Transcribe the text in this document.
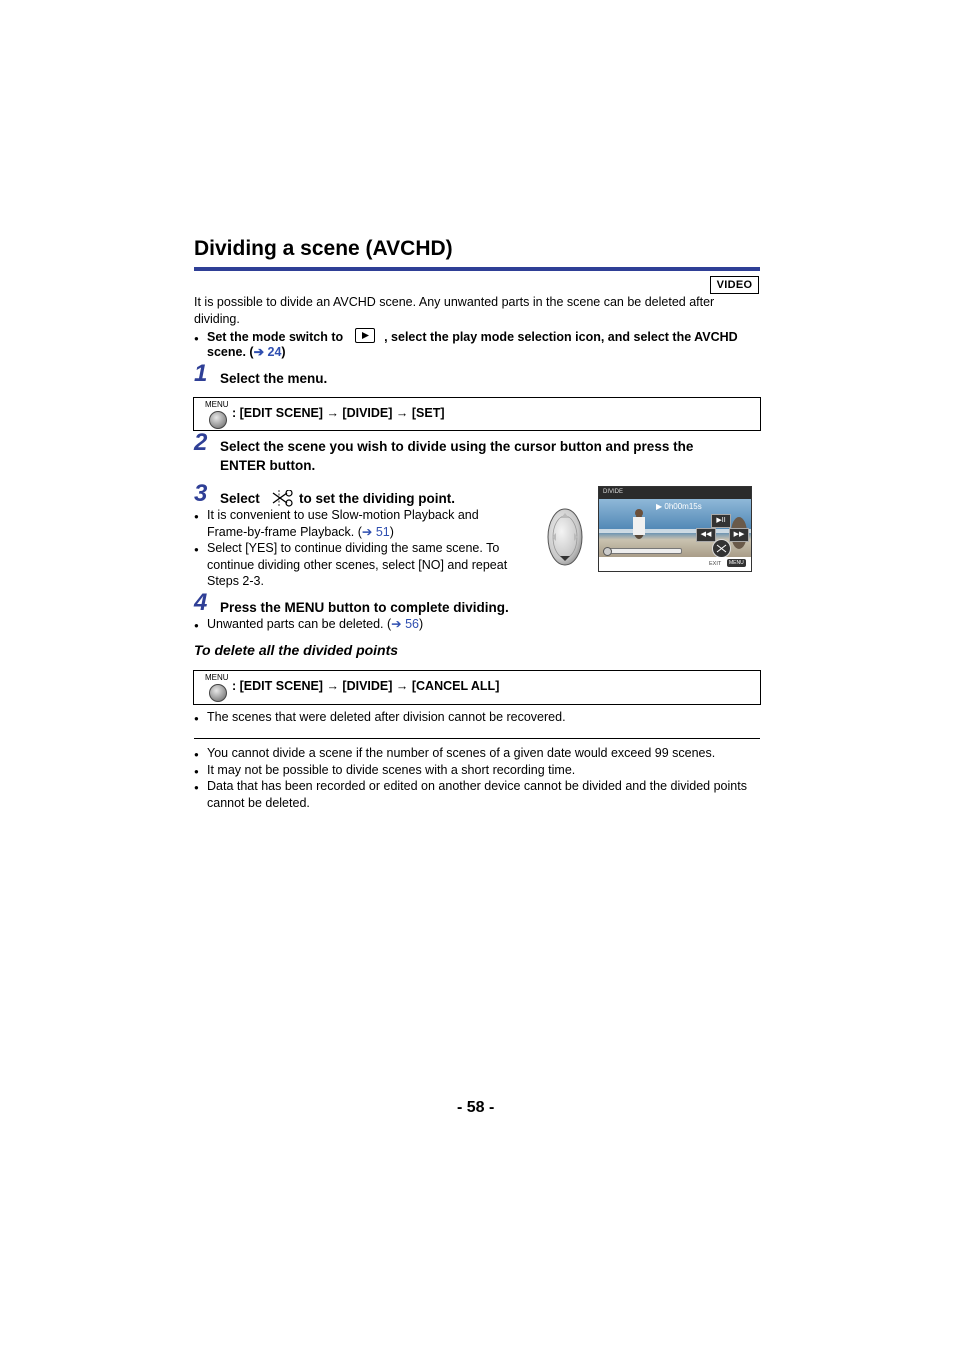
Dividing a scene (AVCHD)
VIDEO
It is possible to divide an AVCHD scene. Any unwanted parts in the scene can be deleted after
dividing.
Set the mode switch to	, select the play mode selection icon, and select the AVCHD
scene. (➔ 24)
1 Select the menu.
MENU
: [EDIT SCENE] → [DIVIDE] → [SET]
2 Select the scene you wish to divide using the cursor button and press the
ENTER button.
3 Select	to set the dividing point.
It is convenient to use Slow-motion Playback and
Frame-by-frame Playback. (➔ 51)
Select [YES] to continue dividing the same scene. To
continue dividing other scenes, select [NO] and repeat
Steps 2-3.
DIVIDE
▶ 0h00m15s
▶II
◀◀	▶▶
EXIT	MENU
4 Press the MENU button to complete dividing.
Unwanted parts can be deleted. (➔ 56)
To delete all the divided points
MENU
: [EDIT SCENE] → [DIVIDE] → [CANCEL ALL]
The scenes that were deleted after division cannot be recovered.
You cannot divide a scene if the number of scenes of a given date would exceed 99 scenes.
It may not be possible to divide scenes with a short recording time.
Data that has been recorded or edited on another device cannot be divided and the divided points
cannot be deleted.
- 58 -
